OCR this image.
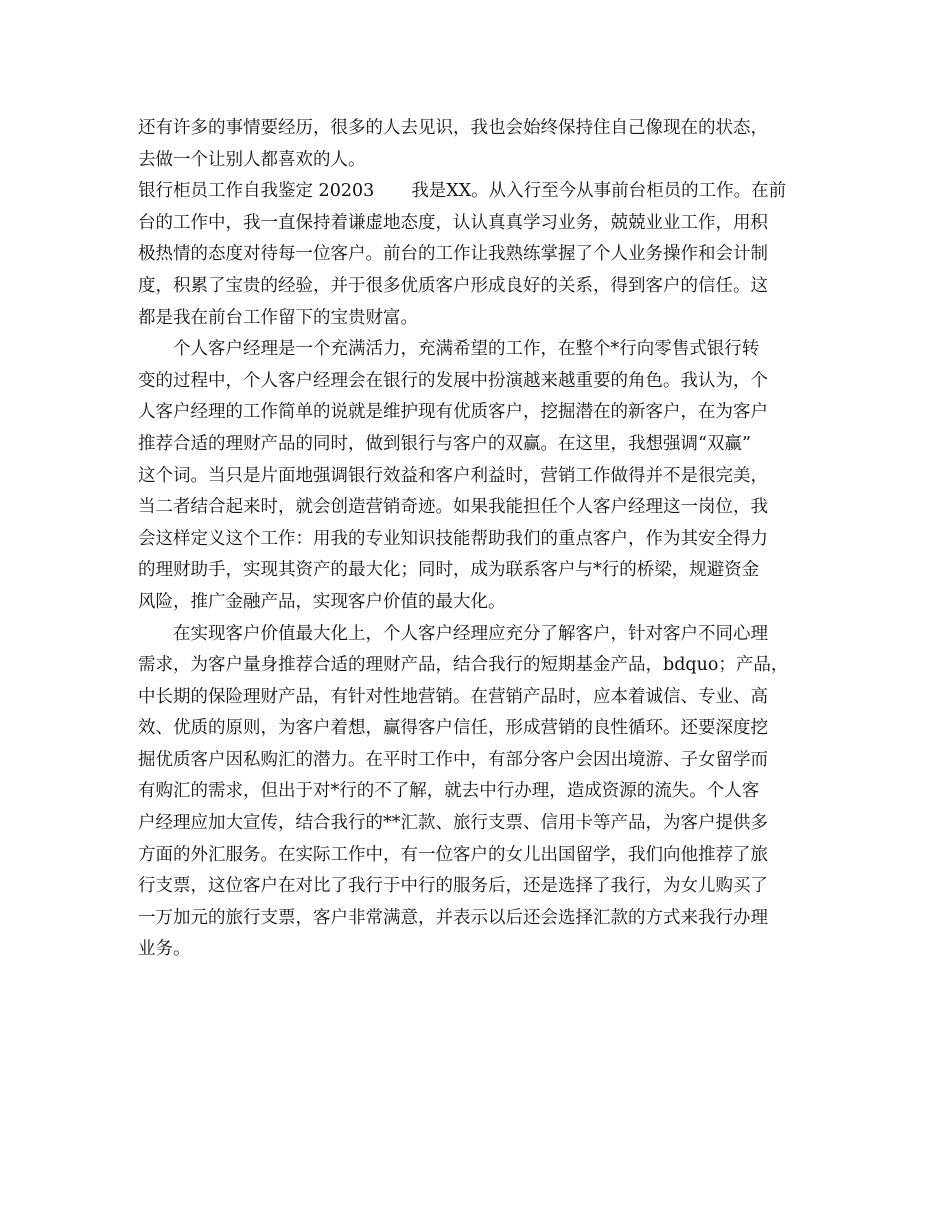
还有许多的事情要经历，很多的人去见识，我也会始终保持住自己像现在的状态，
去做一个让别人都喜欢的人。
银行柜员工作自我鉴定 20203 我是XX。从入行至今从事前台柜员的工作。在前
台的工作中，我一直保持着谦虚地态度，认认真真学习业务，兢兢业业工作，用积
极热情的态度对待每一位客户。前台的工作让我熟练掌握了个人业务操作和会计制
度，积累了宝贵的经验，并于很多优质客户形成良好的关系，得到客户的信任。这
都是我在前台工作留下的宝贵财富。
　　个人客户经理是一个充满活力，充满希望的工作，在整个*行向零售式银行转
变的过程中，个人客户经理会在银行的发展中扮演越来越重要的角色。我认为，个
人客户经理的工作简单的说就是维护现有优质客户，挖掘潜在的新客户，在为客户
推荐合适的理财产品的同时，做到银行与客户的双赢。在这里，我想强调“双赢”
这个词。当只是片面地强调银行效益和客户利益时，营销工作做得并不是很完美，
当二者结合起来时，就会创造营销奇迹。如果我能担任个人客户经理这一岗位，我
会这样定义这个工作：用我的专业知识技能帮助我们的重点客户，作为其安全得力
的理财助手，实现其资产的最大化；同时，成为联系客户与*行的桥梁，规避资金
风险，推广金融产品，实现客户价值的最大化。
　　在实现客户价值最大化上，个人客户经理应充分了解客户，针对客户不同心理
需求，为客户量身推荐合适的理财产品，结合我行的短期基金产品，bdquo；产品，
中长期的保险理财产品，有针对性地营销。在营销产品时，应本着诚信、专业、高
效、优质的原则，为客户着想，赢得客户信任，形成营销的良性循环。还要深度挖
掘优质客户因私购汇的潜力。在平时工作中，有部分客户会因出境游、子女留学而
有购汇的需求，但出于对*行的不了解，就去中行办理，造成资源的流失。个人客
户经理应加大宣传，结合我行的**汇款、旅行支票、信用卡等产品，为客户提供多
方面的外汇服务。在实际工作中，有一位客户的女儿出国留学，我们向他推荐了旅
行支票，这位客户在对比了我行于中行的服务后，还是选择了我行，为女儿购买了
一万加元的旅行支票，客户非常满意，并表示以后还会选择汇款的方式来我行办理
业务。
